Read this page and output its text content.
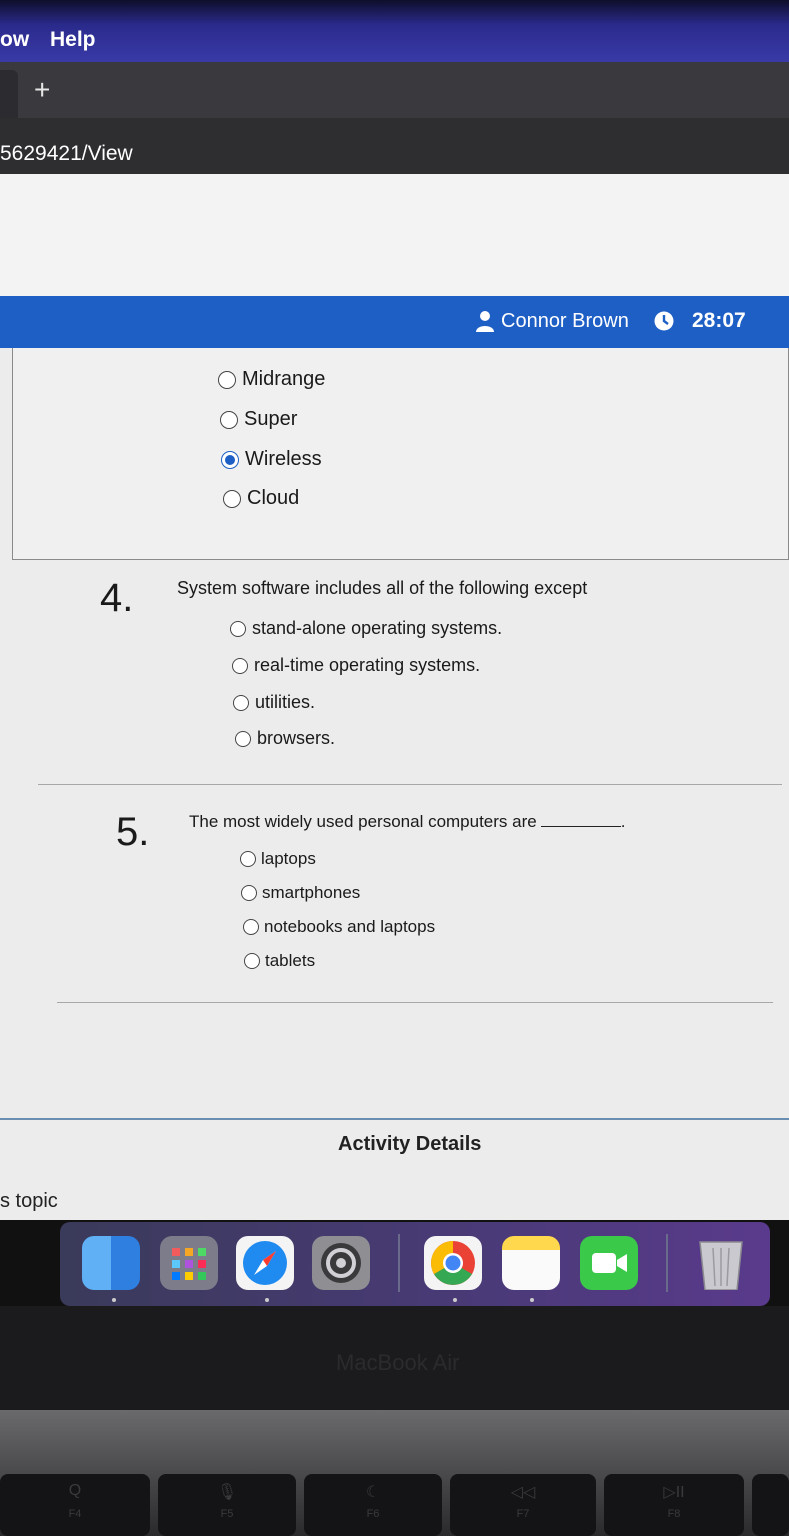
ow Help
+
5629421/View
Connor Brown	28:07
Midrange
Super
Wireless
Cloud
4. System software includes all of the following except
stand-alone operating systems.
real-time operating systems.
utilities.
browsers.
5. The most widely used personal computers are	.
laptops
smartphones
notebooks and laptops
tablets
Activity Details
s topic
MacBook Air
Q
F4
🎙
F5
☾
F6
◁◁
F7
▷II
F8
